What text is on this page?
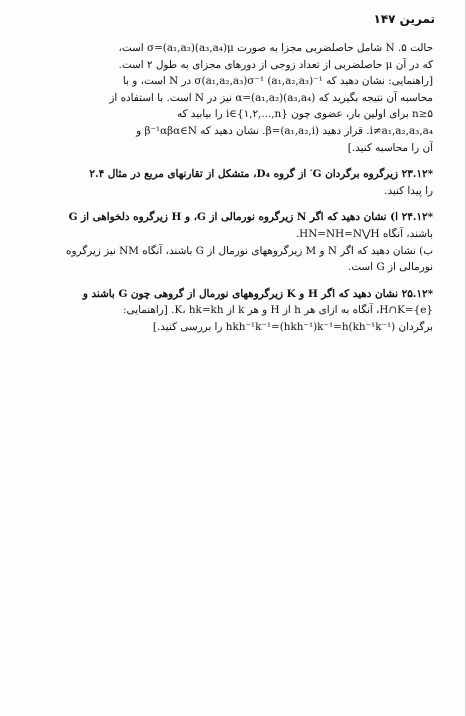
تمرین ۱۴۷

حالت ۵. N شامل حاصلضربی مجزا به صورت σ=(a₁,a₂)(a₃,a₄)μ است،

که در آن μ حاصلضربی از تعداد زوجی از دورهای مجزای به طول ۲ است.

[راهنمایی: نشان دهید که σ(a₁,a₂,a₃)σ⁻¹ (a₁,a₂,a₃)⁻¹ در N است، و با

محاسبه آن نتیجه بگیرید که α=(a₁,a₂)(a₃,a₄) نیز در N است. با استفاده از

n≥۵ برای اولین بار، عضوی چون i∈{۱,۲,...,n} را بیابید که

i≠a₁,a₂,a₃,a₄. قرار دهید β=(a₁,a₂,i). نشان دهید که β⁻¹αβα∈N و

آن را محاسبه کنید.]

*۲۳.۱۲ زیرگروه برگردان G′ از گروه D₄، متشکل از تقارنهای مربع در مثال ۲.۴

را پیدا کنید.

*۲۴.۱۲ ا) نشان دهید که اگر N زیرگروه نورمالی از G، و H زیرگروه دلخواهی از G

باشند، آنگاه HN=NH=N⋁H.

ب) نشان دهید که اگر N و M زیرگروههای نورمال از G باشند، آنگاه NM نیز زیرگروه

نورمالی از G است.

*۲۵.۱۲ نشان دهید که اگر H و K زیرگروههای نورمال از گروهی چون G باشند و

H∩K={e}، آنگاه به ازای هر h از H و هر k از K، hk=kh. [راهنمایی:

برگردان hkh⁻¹k⁻¹=(hkh⁻¹)k⁻¹=h(kh⁻¹k⁻¹) را بررسی کنید.]
